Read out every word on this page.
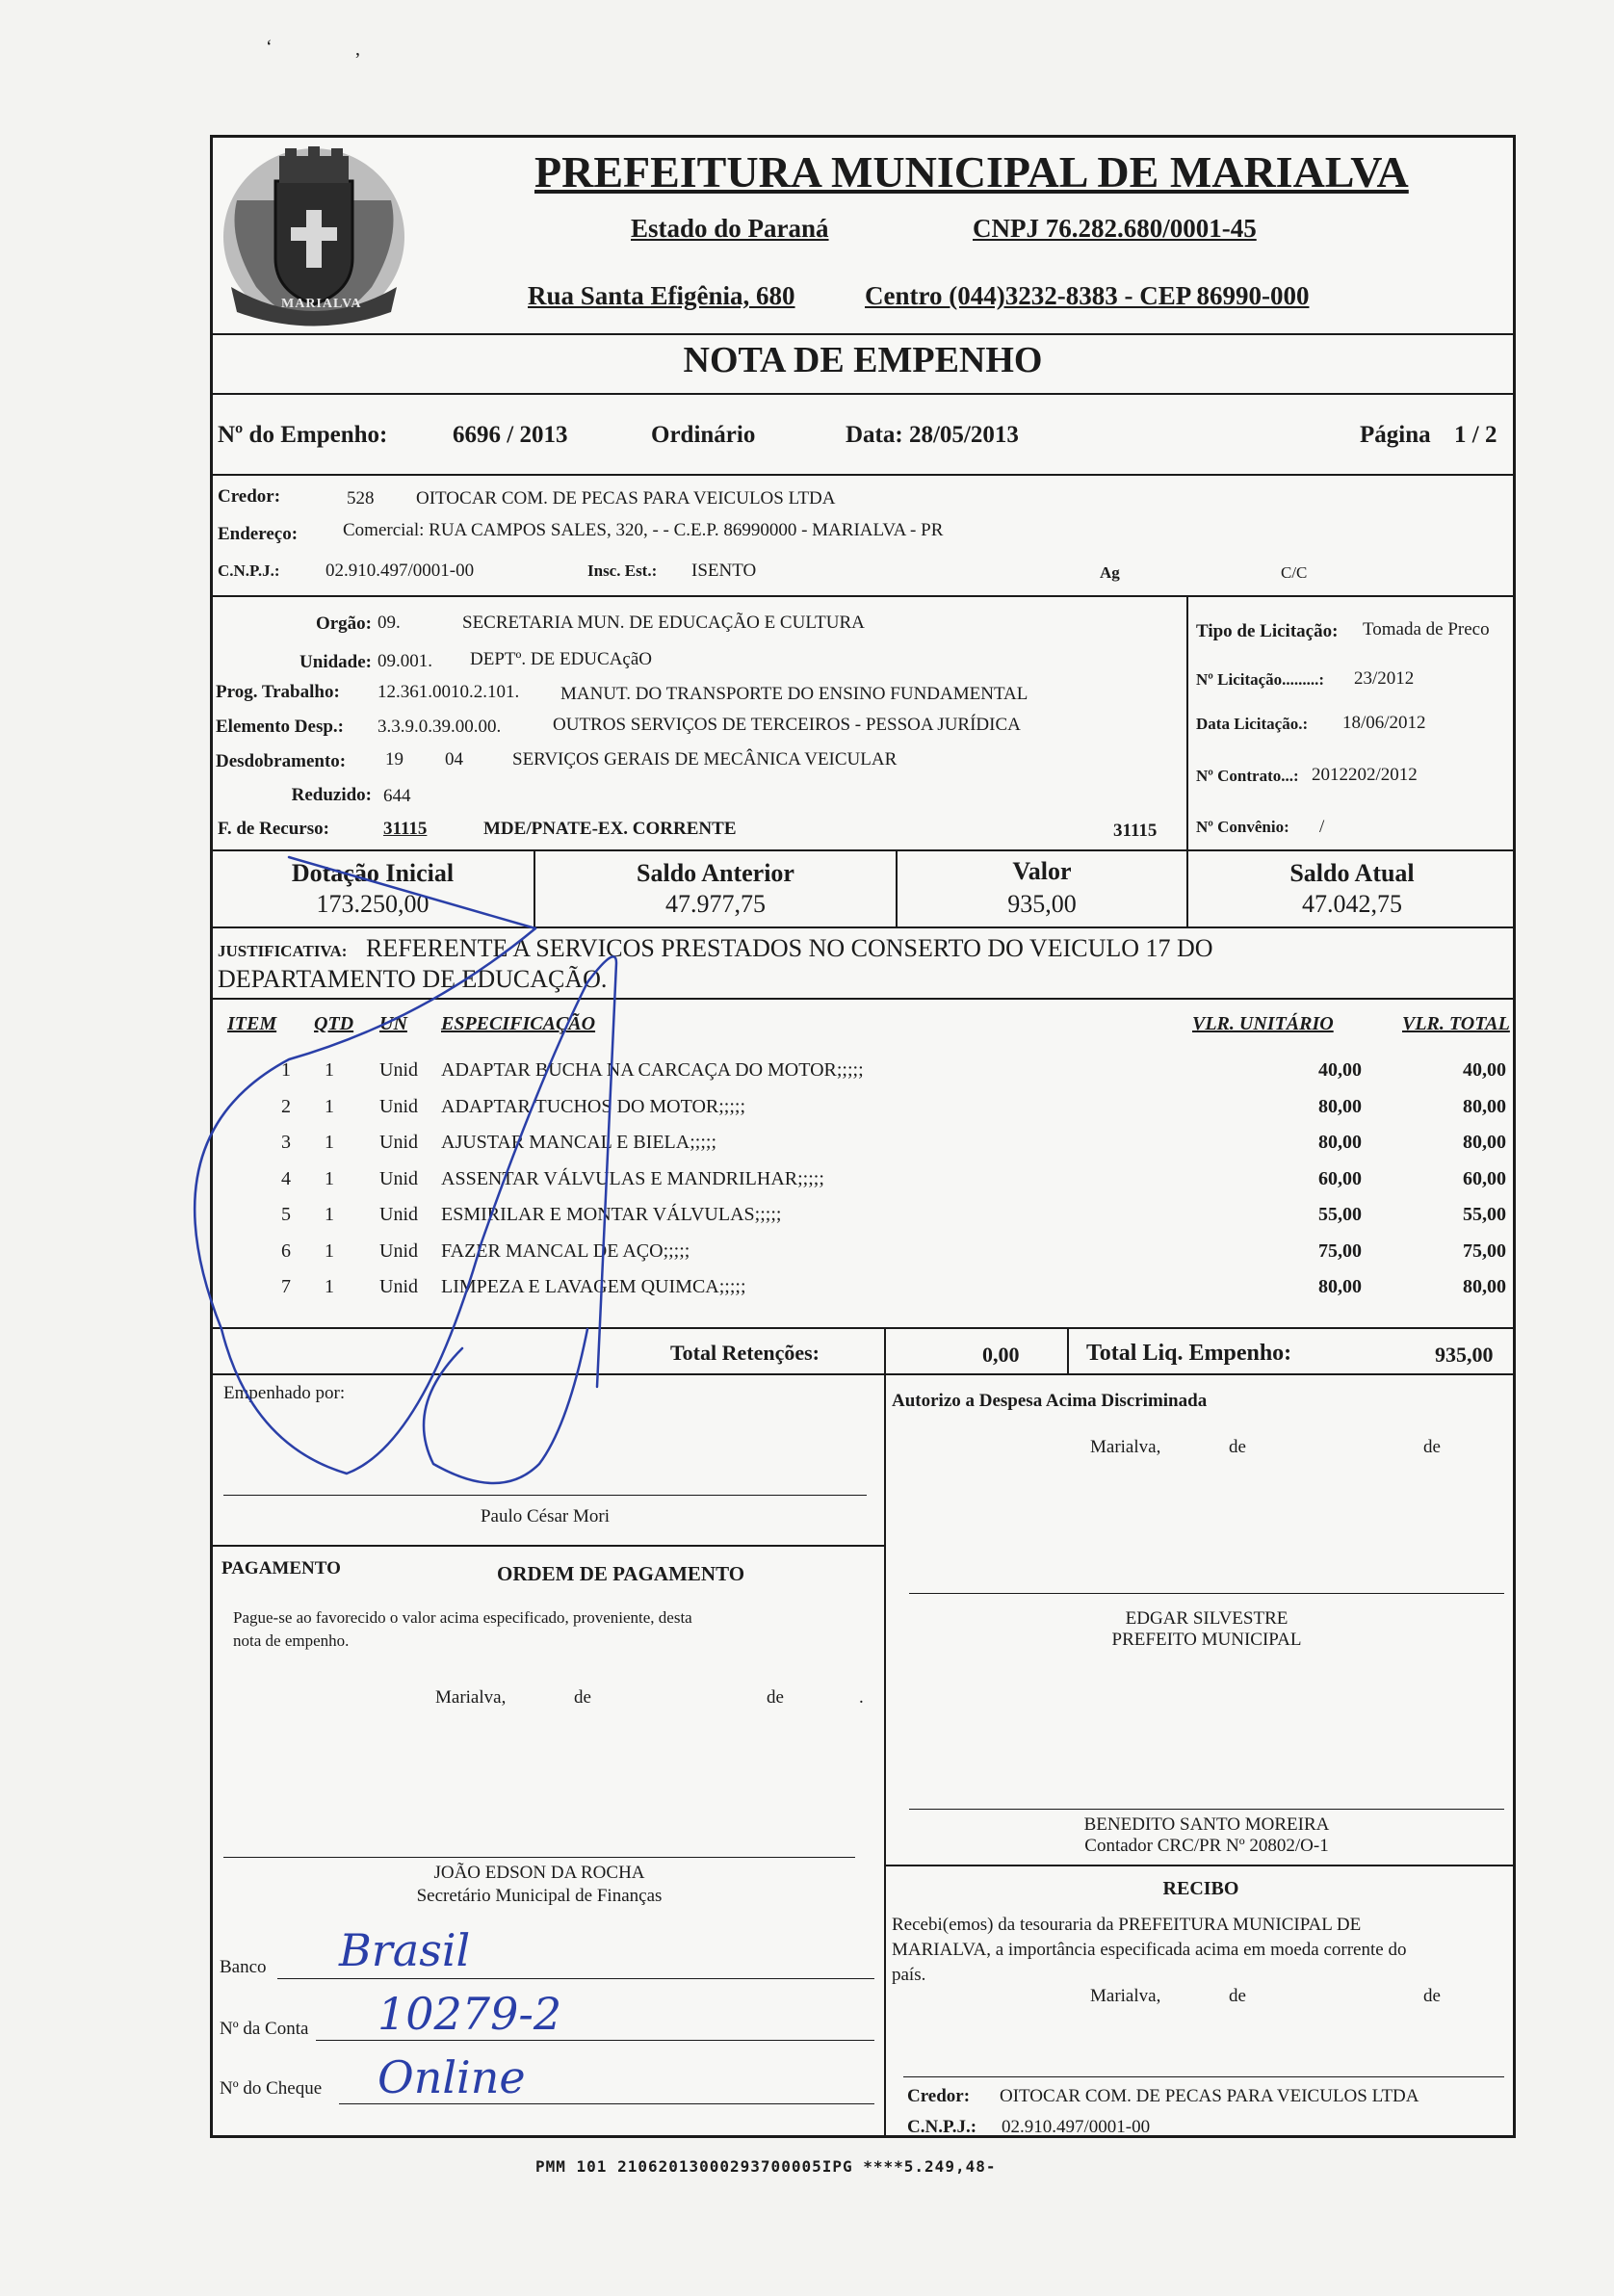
‘	‚
MARIALVA
PREFEITURA MUNICIPAL DE MARIALVA
Estado do Paraná	CNPJ 76.282.680/0001-45
Rua Santa Efigênia, 680	Centro (044)3232-8383 - CEP 86990-000
NOTA DE EMPENHO
Nº do Empenho:	6696 / 2013	Ordinário	Data: 28/05/2013	Página 1 / 2
Credor:	528 OITOCAR COM. DE PECAS PARA VEICULOS LTDA
Endereço: Comercial: RUA CAMPOS SALES, 320, - - C.E.P. 86990000 - MARIALVA - PR
C.N.P.J.: 02.910.497/0001-00	Insc. Est.: ISENTO	Ag	C/C
Orgão: 09.	SECRETARIA MUN. DE EDUCAÇÃO E CULTURA
Unidade: 09.001. DEPTº. DE EDUCAçãO
Prog. Trabalho: 12.361.0010.2.101. MANUT. DO TRANSPORTE DO ENSINO FUNDAMENTAL
Elemento Desp.: 3.3.9.0.39.00.00.	OUTROS SERVIÇOS DE TERCEIROS - PESSOA JURÍDICA
Desdobramento: 19 04	SERVIÇOS GERAIS DE MECÂNICA VEICULAR
Reduzido: 644
F. de Recurso:	31115	MDE/PNATE-EX. CORRENTE	31115
Tipo de Licitação: Tomada de Preco
Nº Licitação.........: 23/2012
Data Licitação.: 18/06/2012
Nº Contrato...: 2012202/2012
Nº Convênio: /
Dotação Inicial
173.250,00
Saldo Anterior
47.977,75
Valor
935,00
Saldo Atual
47.042,75
JUSTIFICATIVA: REFERENTE A SERVICOS PRESTADOS NO CONSERTO DO VEICULO 17 DO
DEPARTAMENTO DE EDUCAÇÃO.
ITEM QTD UN ESPECIFICAÇÃO	VLR. UNITÁRIO	VLR. TOTAL
1	1 Unid ADAPTAR BUCHA NA CARCAÇA DO MOTOR;;;;;	40,00	40,00
2	1 Unid ADAPTAR TUCHOS DO MOTOR;;;;;	80,00	80,00
3	1 Unid AJUSTAR MANCAL E BIELA;;;;;	80,00	80,00
4	1 Unid ASSENTAR VÁLVULAS E MANDRILHAR;;;;;	60,00	60,00
5	1 Unid ESMIRILAR E MONTAR VÁLVULAS;;;;;	55,00	55,00
6	1 Unid FAZER MANCAL DE AÇO;;;;;	75,00	75,00
7	1 Unid LIMPEZA E LAVAGEM QUIMCA;;;;;	80,00	80,00
Total Retenções:	0,00	Total Liq. Empenho:	935,00
Empenhado por:
Paulo César Mori
Autorizo a Despesa Acima Discriminada
Marialva,	de	de
PAGAMENTO	ORDEM DE PAGAMENTO
Pague-se ao favorecido o valor acima especificado, proveniente, desta
nota de empenho.
Marialva,	de	de	.
JOÃO EDSON DA ROCHA
Secretário Municipal de Finanças
Banco Brasil
Nº da Conta 10279-2
Nº do Cheque Online
EDGAR SILVESTRE
PREFEITO MUNICIPAL
BENEDITO SANTO MOREIRA
Contador CRC/PR Nº 20802/O-1
RECIBO
Recebi(emos) da tesouraria da PREFEITURA MUNICIPAL DE
MARIALVA, a importância especificada acima em moeda corrente do
país.
Marialva,	de	de
Credor: OITOCAR COM. DE PECAS PARA VEICULOS LTDA
C.N.P.J.: 02.910.497/0001-00
PMM 101 21062013000293700005IPG ****5.249,48-
